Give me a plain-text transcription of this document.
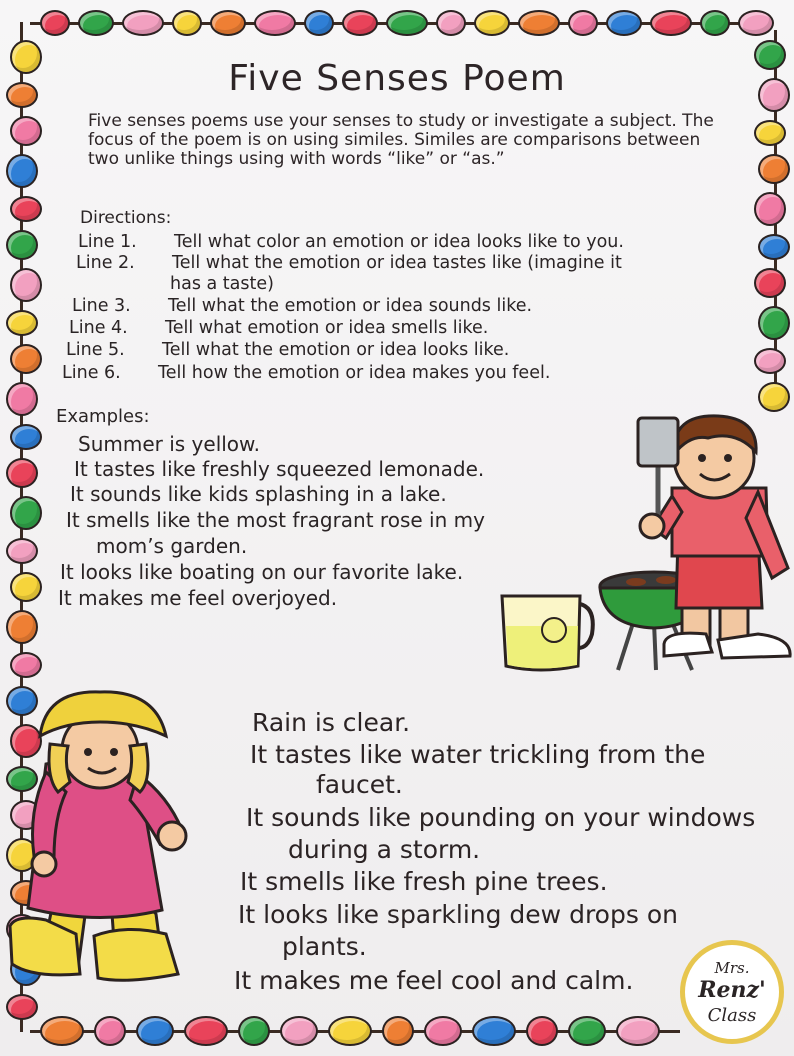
Five Senses Poem
Five senses poems use your senses to study or investigate a subject. The focus of the poem is on using similes. Similes are comparisons between two unlike things using with words “like” or “as.”
Directions:
Line 1. Tell what color an emotion or idea looks like to you.
Line 2. Tell what the emotion or idea tastes like (imagine it
has a taste)
Line 3. Tell what the emotion or idea sounds like.
Line 4. Tell what emotion or idea smells like.
Line 5. Tell what the emotion or idea looks like.
Line 6. Tell how the emotion or idea makes you feel.
Examples:
Summer is yellow.
It tastes like freshly squeezed lemonade.
It sounds like kids splashing in a lake.
It smells like the most fragrant rose in my
mom’s garden.
It looks like boating on our favorite lake.
It makes me feel overjoyed.
Rain is clear.
It tastes like water trickling from the
faucet.
It sounds like pounding on your windows
during a storm.
It smells like fresh pine trees.
It looks like sparkling dew drops on
plants.
It makes me feel cool and calm.	Mrs.
Renz'
Class
